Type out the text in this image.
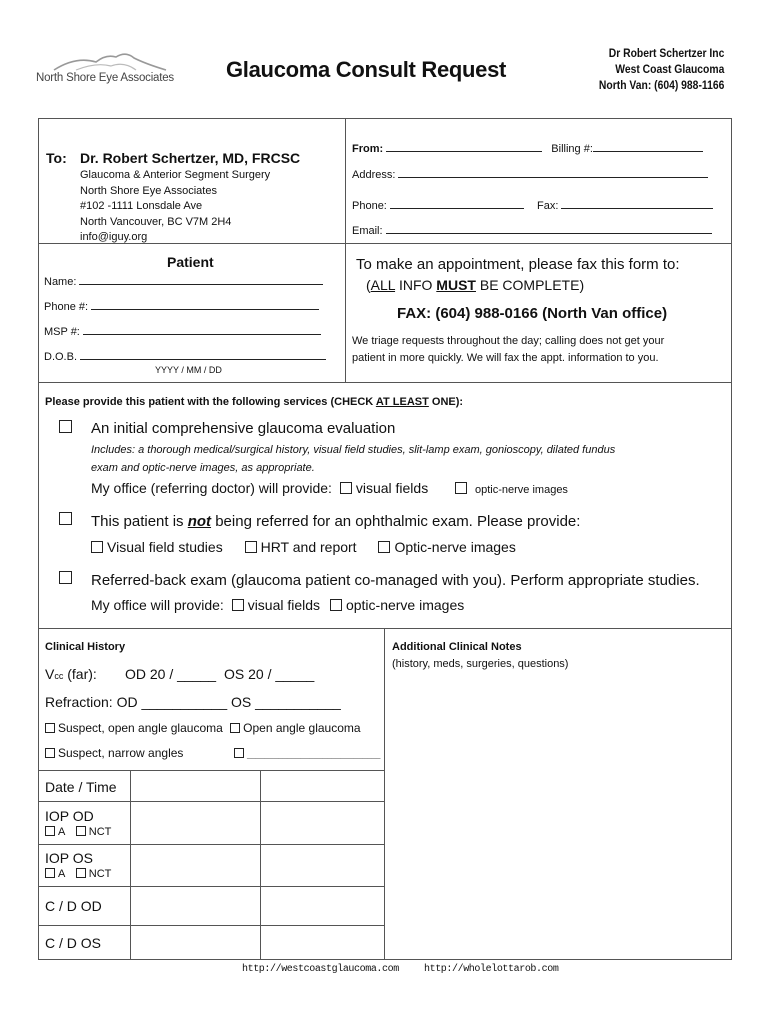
North Shore Eye Associates Glaucoma Consult Request
Dr Robert Schertzer Inc
West Coast Glaucoma
North Van: (604) 988-1166
To: Dr. Robert Schertzer, MD, FRCSC
Glaucoma & Anterior Segment Surgery
North Shore Eye Associates
#102 -1111 Lonsdale Ave
North Vancouver, BC V7M 2H4
info@iguy.org
From:	Billing #:
Address:
Phone:	Fax:
Email:
Patient
Name:
Phone #:
MSP #:
D.O.B.
YYYY / MM / DD
To make an appointment, please fax this form to:
(ALL INFO MUST BE COMPLETE)
FAX: (604) 988-0166 (North Van office)
We triage requests throughout the day; calling does not get your
patient in more quickly. We will fax the appt. information to you.
Please provide this patient with the following services (CHECK AT LEAST ONE):
An initial comprehensive glaucoma evaluation
Includes: a thorough medical/surgical history, visual field studies, slit-lamp exam, gonioscopy, dilated fundus
exam and optic-nerve images, as appropriate.
My office (referring doctor) will provide: visual fields	optic-nerve images
This patient is not being referred for an ophthalmic exam. Please provide:
Visual field studies	HRT and report	Optic-nerve images
Referred-back exam (glaucoma patient co-managed with you). Perform appropriate studies.
My office will provide: visual fields optic-nerve images
Clinical History
Vcc (far): OD 20 / _____ OS 20 / _____
Refraction: OD ___________ OS ___________
Suspect, open angle glaucoma Open angle glaucoma
Suspect, narrow angles	______________________________
Date / Time
IOP OD
A NCT
IOP OS
A NCT
C / D OD
C / D OS
Additional Clinical Notes
(history, meds, surgeries, questions)
http://westcoastglaucoma.com	http://wholelottarob.com
